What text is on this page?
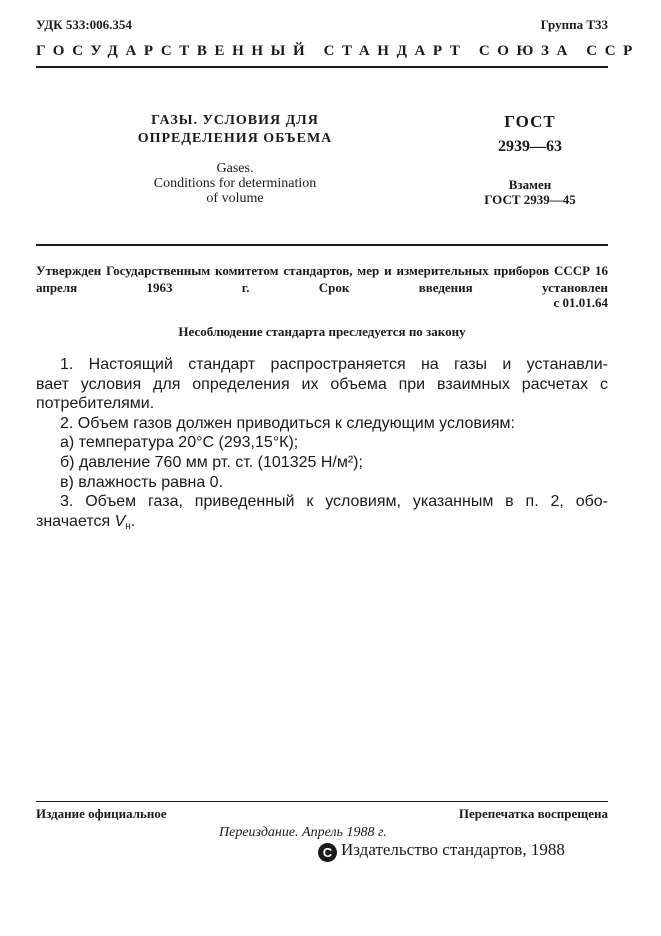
УДК 533:006.354	Группа Т33
ГОСУДАРСТВЕННЫЙ СТАНДАРТ СОЮЗА ССР
ГАЗЫ. УСЛОВИЯ ДЛЯ
ОПРЕДЕЛЕНИЯ ОБЪЕМА
Gases.
Conditions for determination
of volume
ГОСТ
2939—63
Взамен
ГОСТ 2939—45
Утвержден Государственным комитетом стандартов, мер и измерительных приборов СССР 16 апреля 1963 г. Срок введения установлен
с 01.01.64
Несоблюдение стандарта преследуется по закону

1. Настоящий стандарт распространяется на газы и устанавли-

вает условия для определения их объема при взаимных расчетах с

потребителями.

2. Объем газов должен приводиться к следующим условиям:

а) температура 20°С (293,15°К);

б) давление 760 мм рт. ст. (101325 Н/м²);

в) влажность равна 0.

3. Объем газа, приведенный к условиям, указанным в п. 2, обо-

значается $V_н$.

Издание официальное	Перепечатка воспрещена
Переиздание. Апрель 1988 г.
С Издательство стандартов, 1988
